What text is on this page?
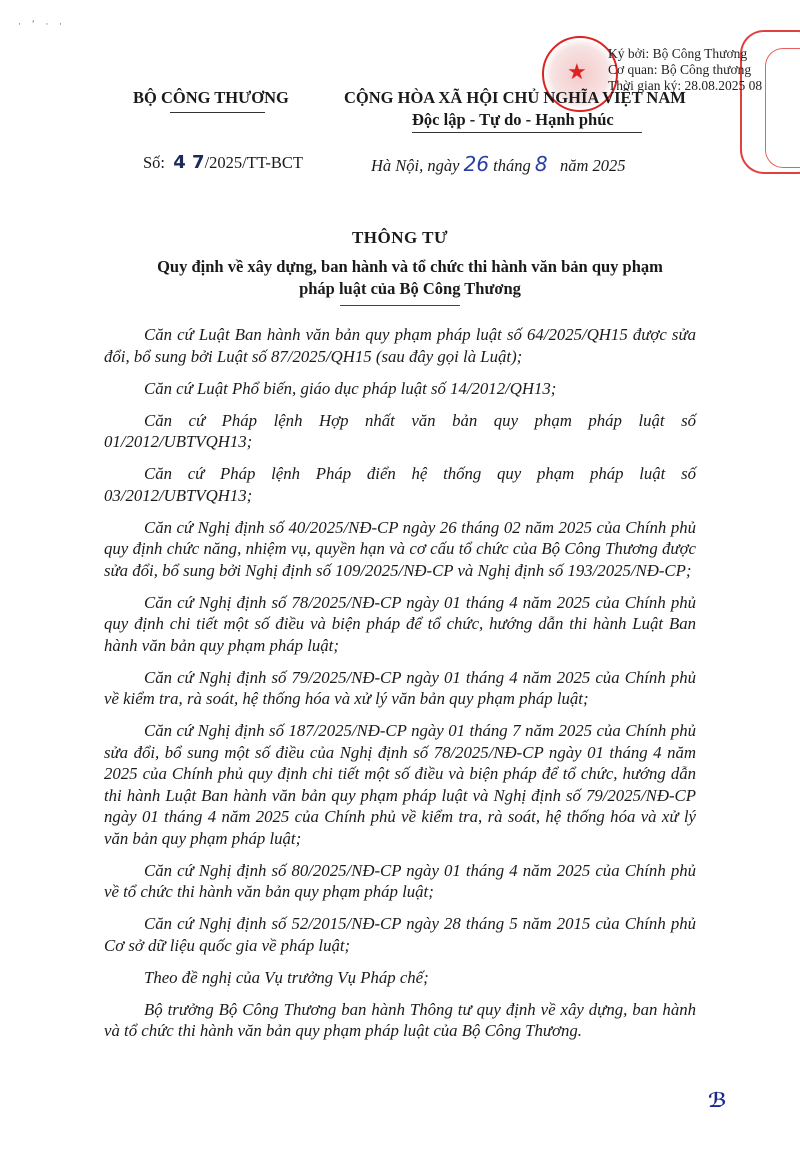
· ’ · ·
★
Ký bởi: Bộ Công Thương
Cơ quan: Bộ Công thương
Thời gian ký: 28.08.2025 08
BỘ CÔNG THƯƠNG	CỘNG HÒA XÃ HỘI CHỦ NGHĨA VIỆT NAM
Độc lập - Tự do - Hạnh phúc
Số: 4 7/2025/TT-BCT	Hà Nội, ngày 26 tháng 8 năm 2025
THÔNG TƯ
Quy định về xây dựng, ban hành và tổ chức thi hành văn bản quy phạm
pháp luật của Bộ Công Thương

Căn cứ Luật Ban hành văn bản quy phạm pháp luật số 64/2025/QH15 được sửa đổi, bổ sung bởi Luật số 87/2025/QH15 (sau đây gọi là Luật);

Căn cứ Luật Phổ biến, giáo dục pháp luật số 14/2012/QH13;

Căn cứ Pháp lệnh Hợp nhất văn bản quy phạm pháp luật số 01/2012/UBTVQH13;

Căn cứ Pháp lệnh Pháp điển hệ thống quy phạm pháp luật số 03/2012/UBTVQH13;

Căn cứ Nghị định số 40/2025/NĐ-CP ngày 26 tháng 02 năm 2025 của Chính phủ quy định chức năng, nhiệm vụ, quyền hạn và cơ cấu tổ chức của Bộ Công Thương được sửa đổi, bổ sung bởi Nghị định số 109/2025/NĐ-CP và Nghị định số 193/2025/NĐ-CP;

Căn cứ Nghị định số 78/2025/NĐ-CP ngày 01 tháng 4 năm 2025 của Chính phủ quy định chi tiết một số điều và biện pháp để tổ chức, hướng dẫn thi hành Luật Ban hành văn bản quy phạm pháp luật;

Căn cứ Nghị định số 79/2025/NĐ-CP ngày 01 tháng 4 năm 2025 của Chính phủ về kiểm tra, rà soát, hệ thống hóa và xử lý văn bản quy phạm pháp luật;

Căn cứ Nghị định số 187/2025/NĐ-CP ngày 01 tháng 7 năm 2025 của Chính phủ sửa đổi, bổ sung một số điều của Nghị định số 78/2025/NĐ-CP ngày 01 tháng 4 năm 2025 của Chính phủ quy định chi tiết một số điều và biện pháp để tổ chức, hướng dẫn thi hành Luật Ban hành văn bản quy phạm pháp luật và Nghị định số 79/2025/NĐ-CP ngày 01 tháng 4 năm 2025 của Chính phủ về kiểm tra, rà soát, hệ thống hóa và xử lý văn bản quy phạm pháp luật;

Căn cứ Nghị định số 80/2025/NĐ-CP ngày 01 tháng 4 năm 2025 của Chính phủ về tổ chức thi hành văn bản quy phạm pháp luật;

Căn cứ Nghị định số 52/2015/NĐ-CP ngày 28 tháng 5 năm 2015 của Chính phủ Cơ sở dữ liệu quốc gia về pháp luật;

Theo đề nghị của Vụ trưởng Vụ Pháp chế;

Bộ trưởng Bộ Công Thương ban hành Thông tư quy định về xây dựng, ban hành và tổ chức thi hành văn bản quy phạm pháp luật của Bộ Công Thương.

ℬ
